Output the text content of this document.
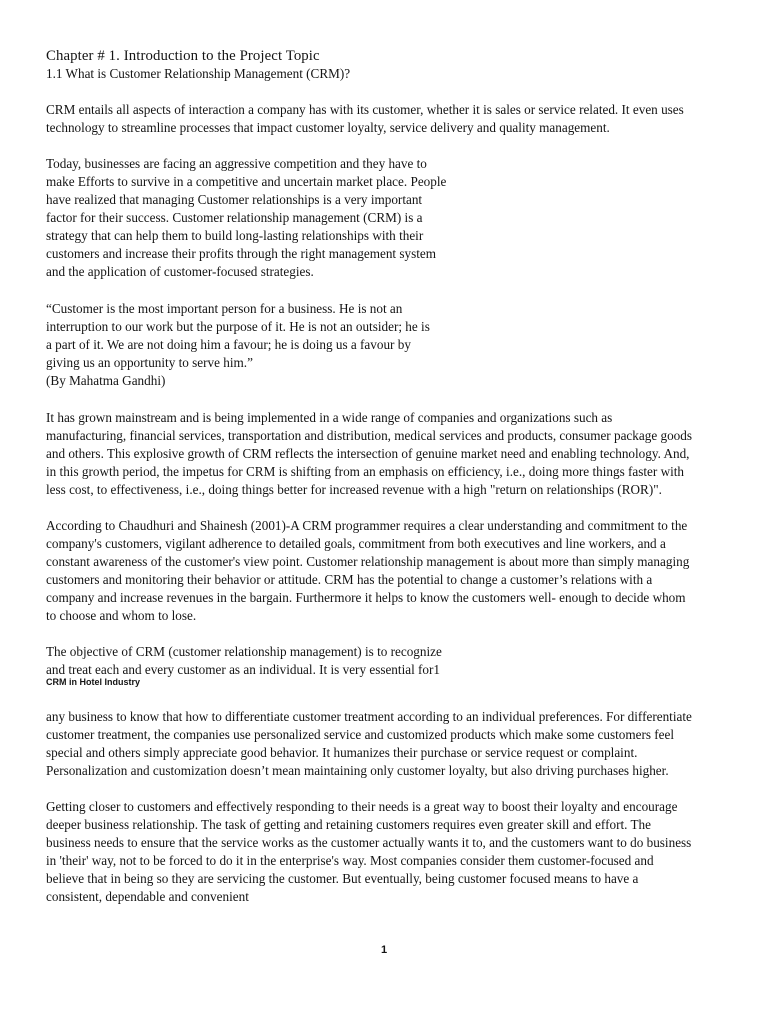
Chapter # 1. Introduction to the Project Topic
1.1 What is Customer Relationship Management (CRM)?
CRM entails all aspects of interaction a company has with its customer, whether it is sales or service related. It even uses
technology to streamline processes that impact customer loyalty, service delivery and quality management.
Today, businesses are facing an aggressive competition and they have to
make Efforts to survive in a competitive and uncertain market place. People
have realized that managing Customer relationships is a very important
factor for their success. Customer relationship management (CRM) is a
strategy that can help them to build long-lasting relationships with their
customers and increase their profits through the right management system
and the application of customer-focused strategies.
“Customer is the most important person for a business. He is not an
interruption to our work but the purpose of it. He is not an outsider; he is
a part of it. We are not doing him a favour; he is doing us a favour by
giving us an opportunity to serve him.”
(By Mahatma Gandhi)
It has grown mainstream and is being implemented in a wide range of companies and organizations such as
manufacturing, financial services, transportation and distribution, medical services and products, consumer package goods
and others. This explosive growth of CRM reflects the intersection of genuine market need and enabling technology. And,
in this growth period, the impetus for CRM is shifting from an emphasis on efficiency, i.e., doing more things faster with
less cost, to effectiveness, i.e., doing things better for increased revenue with a high "return on relationships (ROR)".
According to Chaudhuri and Shainesh (2001)-A CRM programmer requires a clear understanding and commitment to the
company's customers, vigilant adherence to detailed goals, commitment from both executives and line workers, and a
constant awareness of the customer's view point. Customer relationship management is about more than simply managing
customers and monitoring their behavior or attitude. CRM has the potential to change a customer’s relations with a
company and increase revenues in the bargain. Furthermore it helps to know the customers well- enough to decide whom
to choose and whom to lose.
The objective of CRM (customer relationship management) is to recognize
and treat each and every customer as an individual. It is very essential for1
CRM in Hotel Industry
any business to know that how to differentiate customer treatment according to an individual preferences. For differentiate
customer treatment, the companies use personalized service and customized products which make some customers feel
special and others simply appreciate good behavior. It humanizes their purchase or service request or complaint.
Personalization and customization doesn’t mean maintaining only customer loyalty, but also driving purchases higher.
Getting closer to customers and effectively responding to their needs is a great way to boost their loyalty and encourage
deeper business relationship. The task of getting and retaining customers requires even greater skill and effort. The
business needs to ensure that the service works as the customer actually wants it to, and the customers want to do business
in 'their' way, not to be forced to do it in the enterprise's way. Most companies consider them customer-focused and
believe that in being so they are servicing the customer. But eventually, being customer focused means to have a
consistent, dependable and convenient
1
